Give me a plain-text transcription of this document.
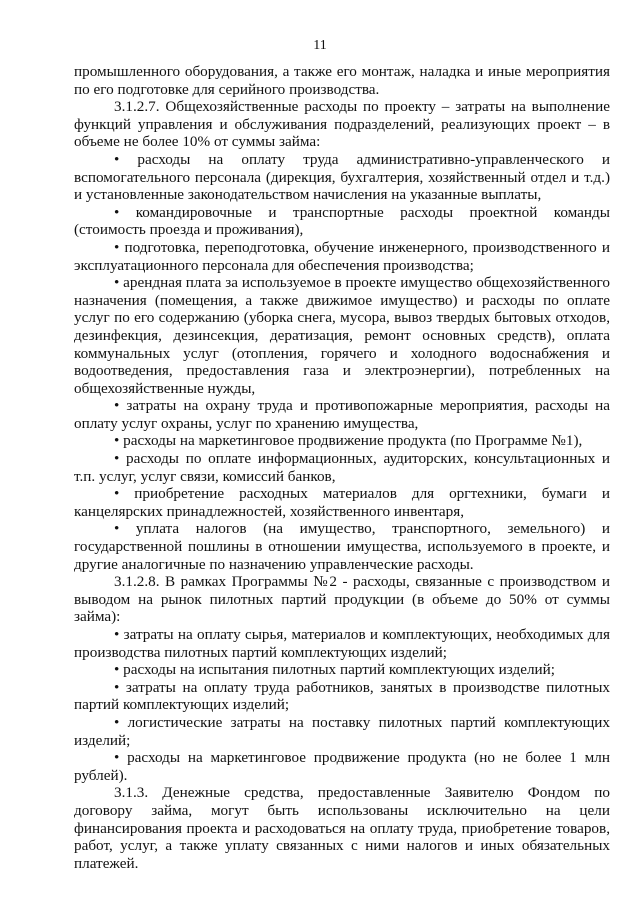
11

промышленного оборудования, а также его монтаж, наладка и иные мероприятия по его подготовке для серийного производства.

3.1.2.7. Общехозяйственные расходы по проекту – затраты на выполнение функций управления и обслуживания подразделений, реализующих проект – в объеме не более 10% от суммы займа:

• расходы на оплату труда административно-управленческого и вспомогательного персонала (дирекция, бухгалтерия, хозяйственный отдел и т.д.) и установленные законодательством начисления на указанные выплаты,

• командировочные и транспортные расходы проектной команды (стоимость проезда и проживания),

• подготовка, переподготовка, обучение инженерного, производственного и эксплуатационного персонала для обеспечения производства;

• арендная плата за используемое в проекте имущество общехозяйственного назначения (помещения, а также движимое имущество) и расходы по оплате услуг по его содержанию (уборка снега, мусора, вывоз твердых бытовых отходов, дезинфекция, дезинсекция, дератизация, ремонт основных средств), оплата коммунальных услуг (отопления, горячего и холодного водоснабжения и водоотведения, предоставления газа и электроэнергии), потребленных на общехозяйственные нужды,

• затраты на охрану труда и противопожарные мероприятия, расходы на оплату услуг охраны, услуг по хранению имущества,

• расходы на маркетинговое продвижение продукта (по Программе №1),

• расходы по оплате информационных, аудиторских, консультационных и т.п. услуг, услуг связи, комиссий банков,

• приобретение расходных материалов для оргтехники, бумаги и канцелярских принадлежностей, хозяйственного инвентаря,

• уплата налогов (на имущество, транспортного, земельного) и государственной пошлины в отношении имущества, используемого в проекте, и другие аналогичные по назначению управленческие расходы.

3.1.2.8. В рамках Программы №2 - расходы, связанные с производством и выводом на рынок пилотных партий продукции (в объеме до 50% от суммы займа):

• затраты на оплату сырья, материалов и комплектующих, необходимых для производства пилотных партий комплектующих изделий;

• расходы на испытания пилотных партий комплектующих изделий;

• затраты на оплату труда работников, занятых в производстве пилотных партий комплектующих изделий;

• логистические затраты на поставку пилотных партий комплектующих изделий;

• расходы на маркетинговое продвижение продукта (но не более 1 млн рублей).

3.1.3. Денежные средства, предоставленные Заявителю Фондом по договору займа, могут быть использованы исключительно на цели финансирования проекта и расходоваться на оплату труда, приобретение товаров, работ, услуг, а также уплату связанных с ними налогов и иных обязательных платежей.
